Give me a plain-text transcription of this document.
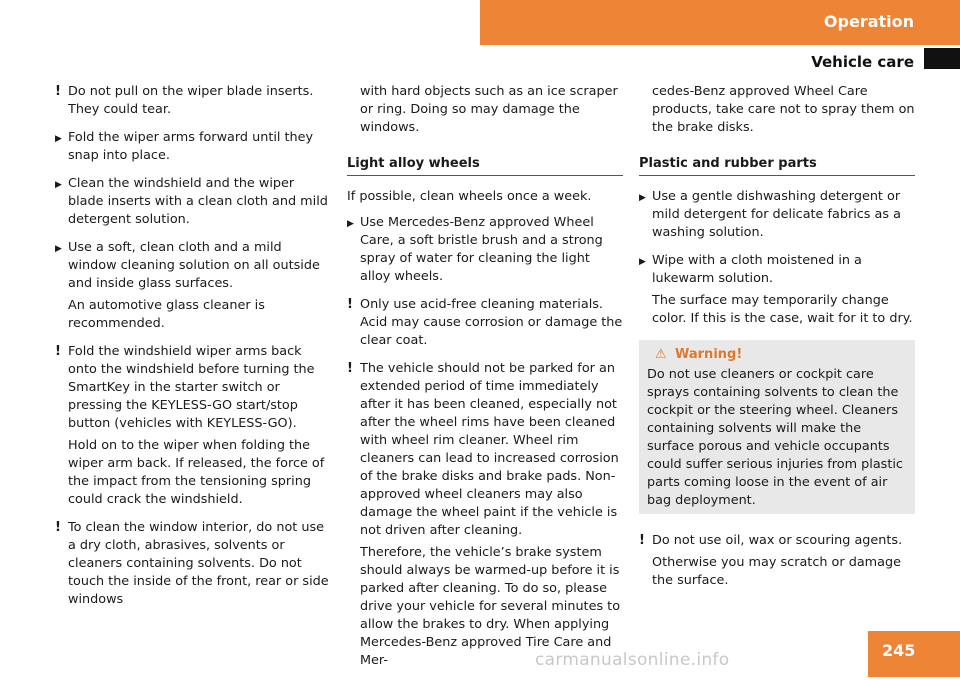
Operation
Vehicle care
! Do not pull on the wiper blade inserts. They could tear.

▶ Fold the wiper arms forward until they snap into place.

▶ Clean the windshield and the wiper blade inserts with a clean cloth and mild detergent solution.

▶ Use a soft, clean cloth and a mild window cleaning solution on all outside and inside glass surfaces.

An automotive glass cleaner is recommended.

! Fold the windshield wiper arms back onto the windshield before turning the SmartKey in the starter switch or pressing the KEYLESS-GO start/stop button (vehicles with KEYLESS-GO).

Hold on to the wiper when folding the wiper arm back. If released, the force of the impact from the tensioning spring could crack the windshield.

! To clean the window interior, do not use a dry cloth, abrasives, solvents or cleaners containing solvents. Do not touch the inside of the front, rear or side windows

with hard objects such as an ice scraper or ring. Doing so may damage the windows.

Light alloy wheels

If possible, clean wheels once a week.

▶ Use Mercedes-Benz approved Wheel Care, a soft bristle brush and a strong spray of water for cleaning the light alloy wheels.

! Only use acid-free cleaning materials. Acid may cause corrosion or damage the clear coat.

! The vehicle should not be parked for an extended period of time immediately after it has been cleaned, especially not after the wheel rims have been cleaned with wheel rim cleaner. Wheel rim cleaners can lead to increased corrosion of the brake disks and brake pads. Non-approved wheel cleaners may also damage the wheel paint if the vehicle is not driven after cleaning.

Therefore, the vehicle’s brake system should always be warmed-up before it is parked after cleaning. To do so, please drive your vehicle for several minutes to allow the brakes to dry. When applying Mercedes-Benz approved Tire Care and Mer-

cedes-Benz approved Wheel Care products, take care not to spray them on the brake disks.

Plastic and rubber parts
▶ Use a gentle dishwashing detergent or mild detergent for delicate fabrics as a washing solution.

▶ Wipe with a cloth moistened in a lukewarm solution.

The surface may temporarily change color. If this is the case, wait for it to dry.

⚠ Warning!

Do not use cleaners or cockpit care sprays containing solvents to clean the cockpit or the steering wheel. Cleaners containing solvents will make the surface porous and vehicle occupants could suffer serious injuries from plastic parts coming loose in the event of air bag deployment.

! Do not use oil, wax or scouring agents.

Otherwise you may scratch or damage the surface.

245
carmanualsonline.info
